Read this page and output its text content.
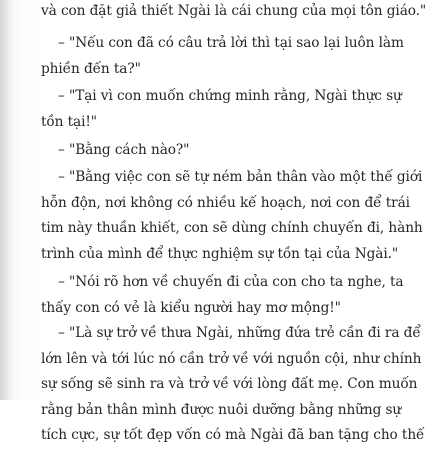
và con đặt giả thiết Ngài là cái chung của mọi tôn giáo."

– "Nếu con đã có câu trả lời thì tại sao lại luôn làm
phiền đến ta?"

– "Tại vì con muốn chứng minh rằng, Ngài thực sự
tồn tại!"

– "Bằng cách nào?"

– "Bằng việc con sẽ tự ném bản thân vào một thế giới
hỗn độn, nơi không có nhiều kế hoạch, nơi con để trái
tim này thuần khiết, con sẽ dùng chính chuyến đi, hành
trình của mình để thực nghiệm sự tồn tại của Ngài."

– "Nói rõ hơn về chuyến đi của con cho ta nghe, ta
thấy con có vẻ là kiểu người hay mơ mộng!"

– "Là sự trở về thưa Ngài, những đứa trẻ cần đi ra để
lớn lên và tới lúc nó cần trở về với nguồn cội, như chính
sự sống sẽ sinh ra và trở về với lòng đất mẹ. Con muốn
rằng bản thân mình được nuôi dưỡng bằng những sự
tích cực, sự tốt đẹp vốn có mà Ngài đã ban tặng cho thế
